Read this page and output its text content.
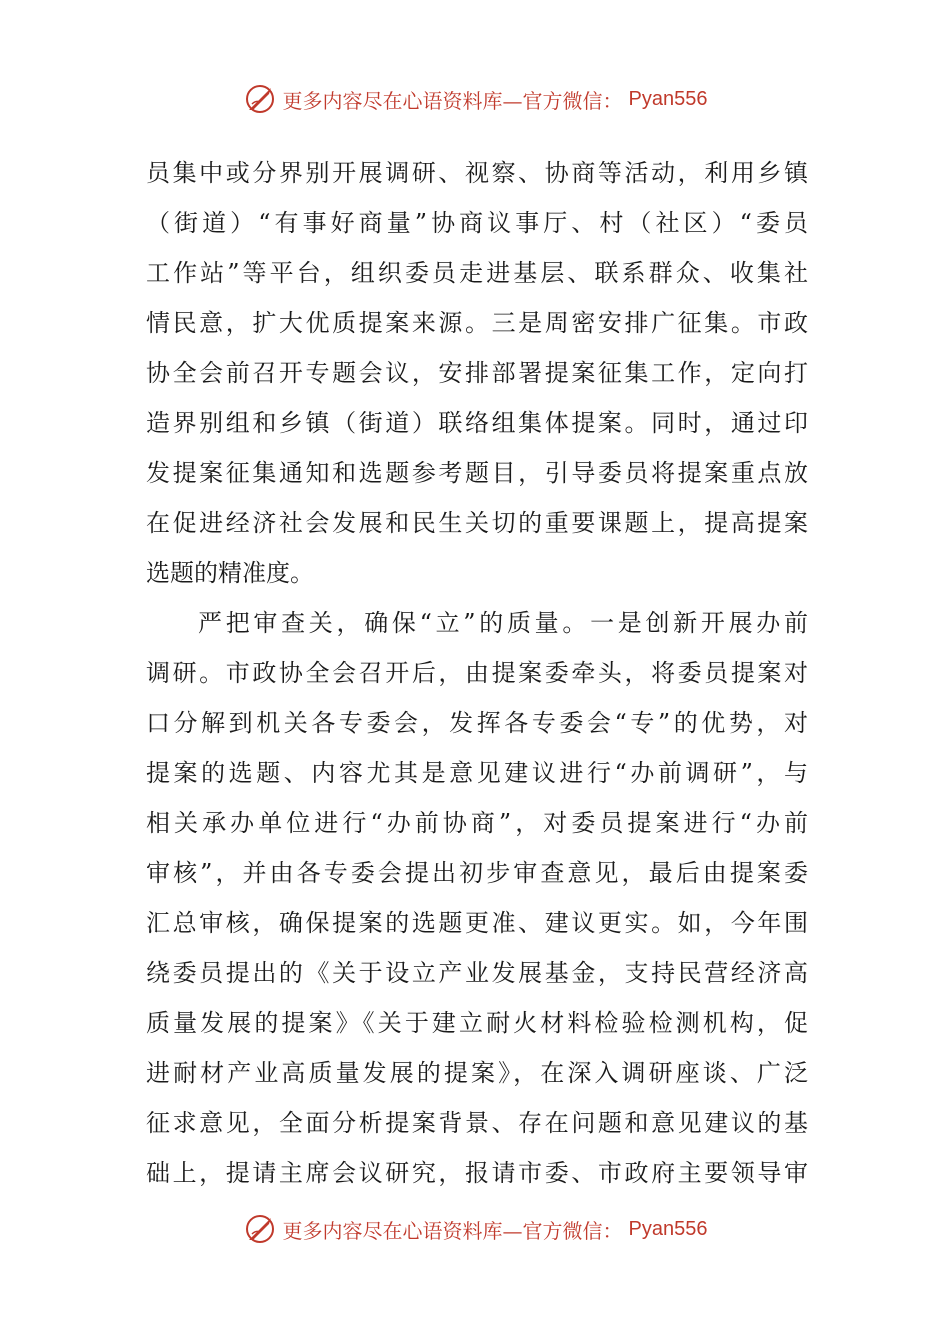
更多内容尽在心语资料库—官方微信： Pyan556
员集中或分界别开展调研、视察、协商等活动，利用乡镇
（街道）“有事好商量”协商议事厅、村（社区）“委员
工作站”等平台，组织委员走进基层、联系群众、收集社
情民意，扩大优质提案来源。三是周密安排广征集。市政
协全会前召开专题会议，安排部署提案征集工作，定向打
造界别组和乡镇（街道）联络组集体提案。同时，通过印
发提案征集通知和选题参考题目，引导委员将提案重点放
在促进经济社会发展和民生关切的重要课题上，提高提案
选题的精准度。
严把审查关，确保“立”的质量。一是创新开展办前
调研。市政协全会召开后，由提案委牵头，将委员提案对
口分解到机关各专委会，发挥各专委会“专”的优势，对
提案的选题、内容尤其是意见建议进行“办前调研”，与
相关承办单位进行“办前协商”，对委员提案进行“办前
审核”，并由各专委会提出初步审查意见，最后由提案委
汇总审核，确保提案的选题更准、建议更实。如，今年围
绕委员提出的《关于设立产业发展基金，支持民营经济高
质量发展的提案》《关于建立耐火材料检验检测机构，促
进耐材产业高质量发展的提案》，在深入调研座谈、广泛
征求意见，全面分析提案背景、存在问题和意见建议的基
础上，提请主席会议研究，报请市委、市政府主要领导审
更多内容尽在心语资料库—官方微信： Pyan556
